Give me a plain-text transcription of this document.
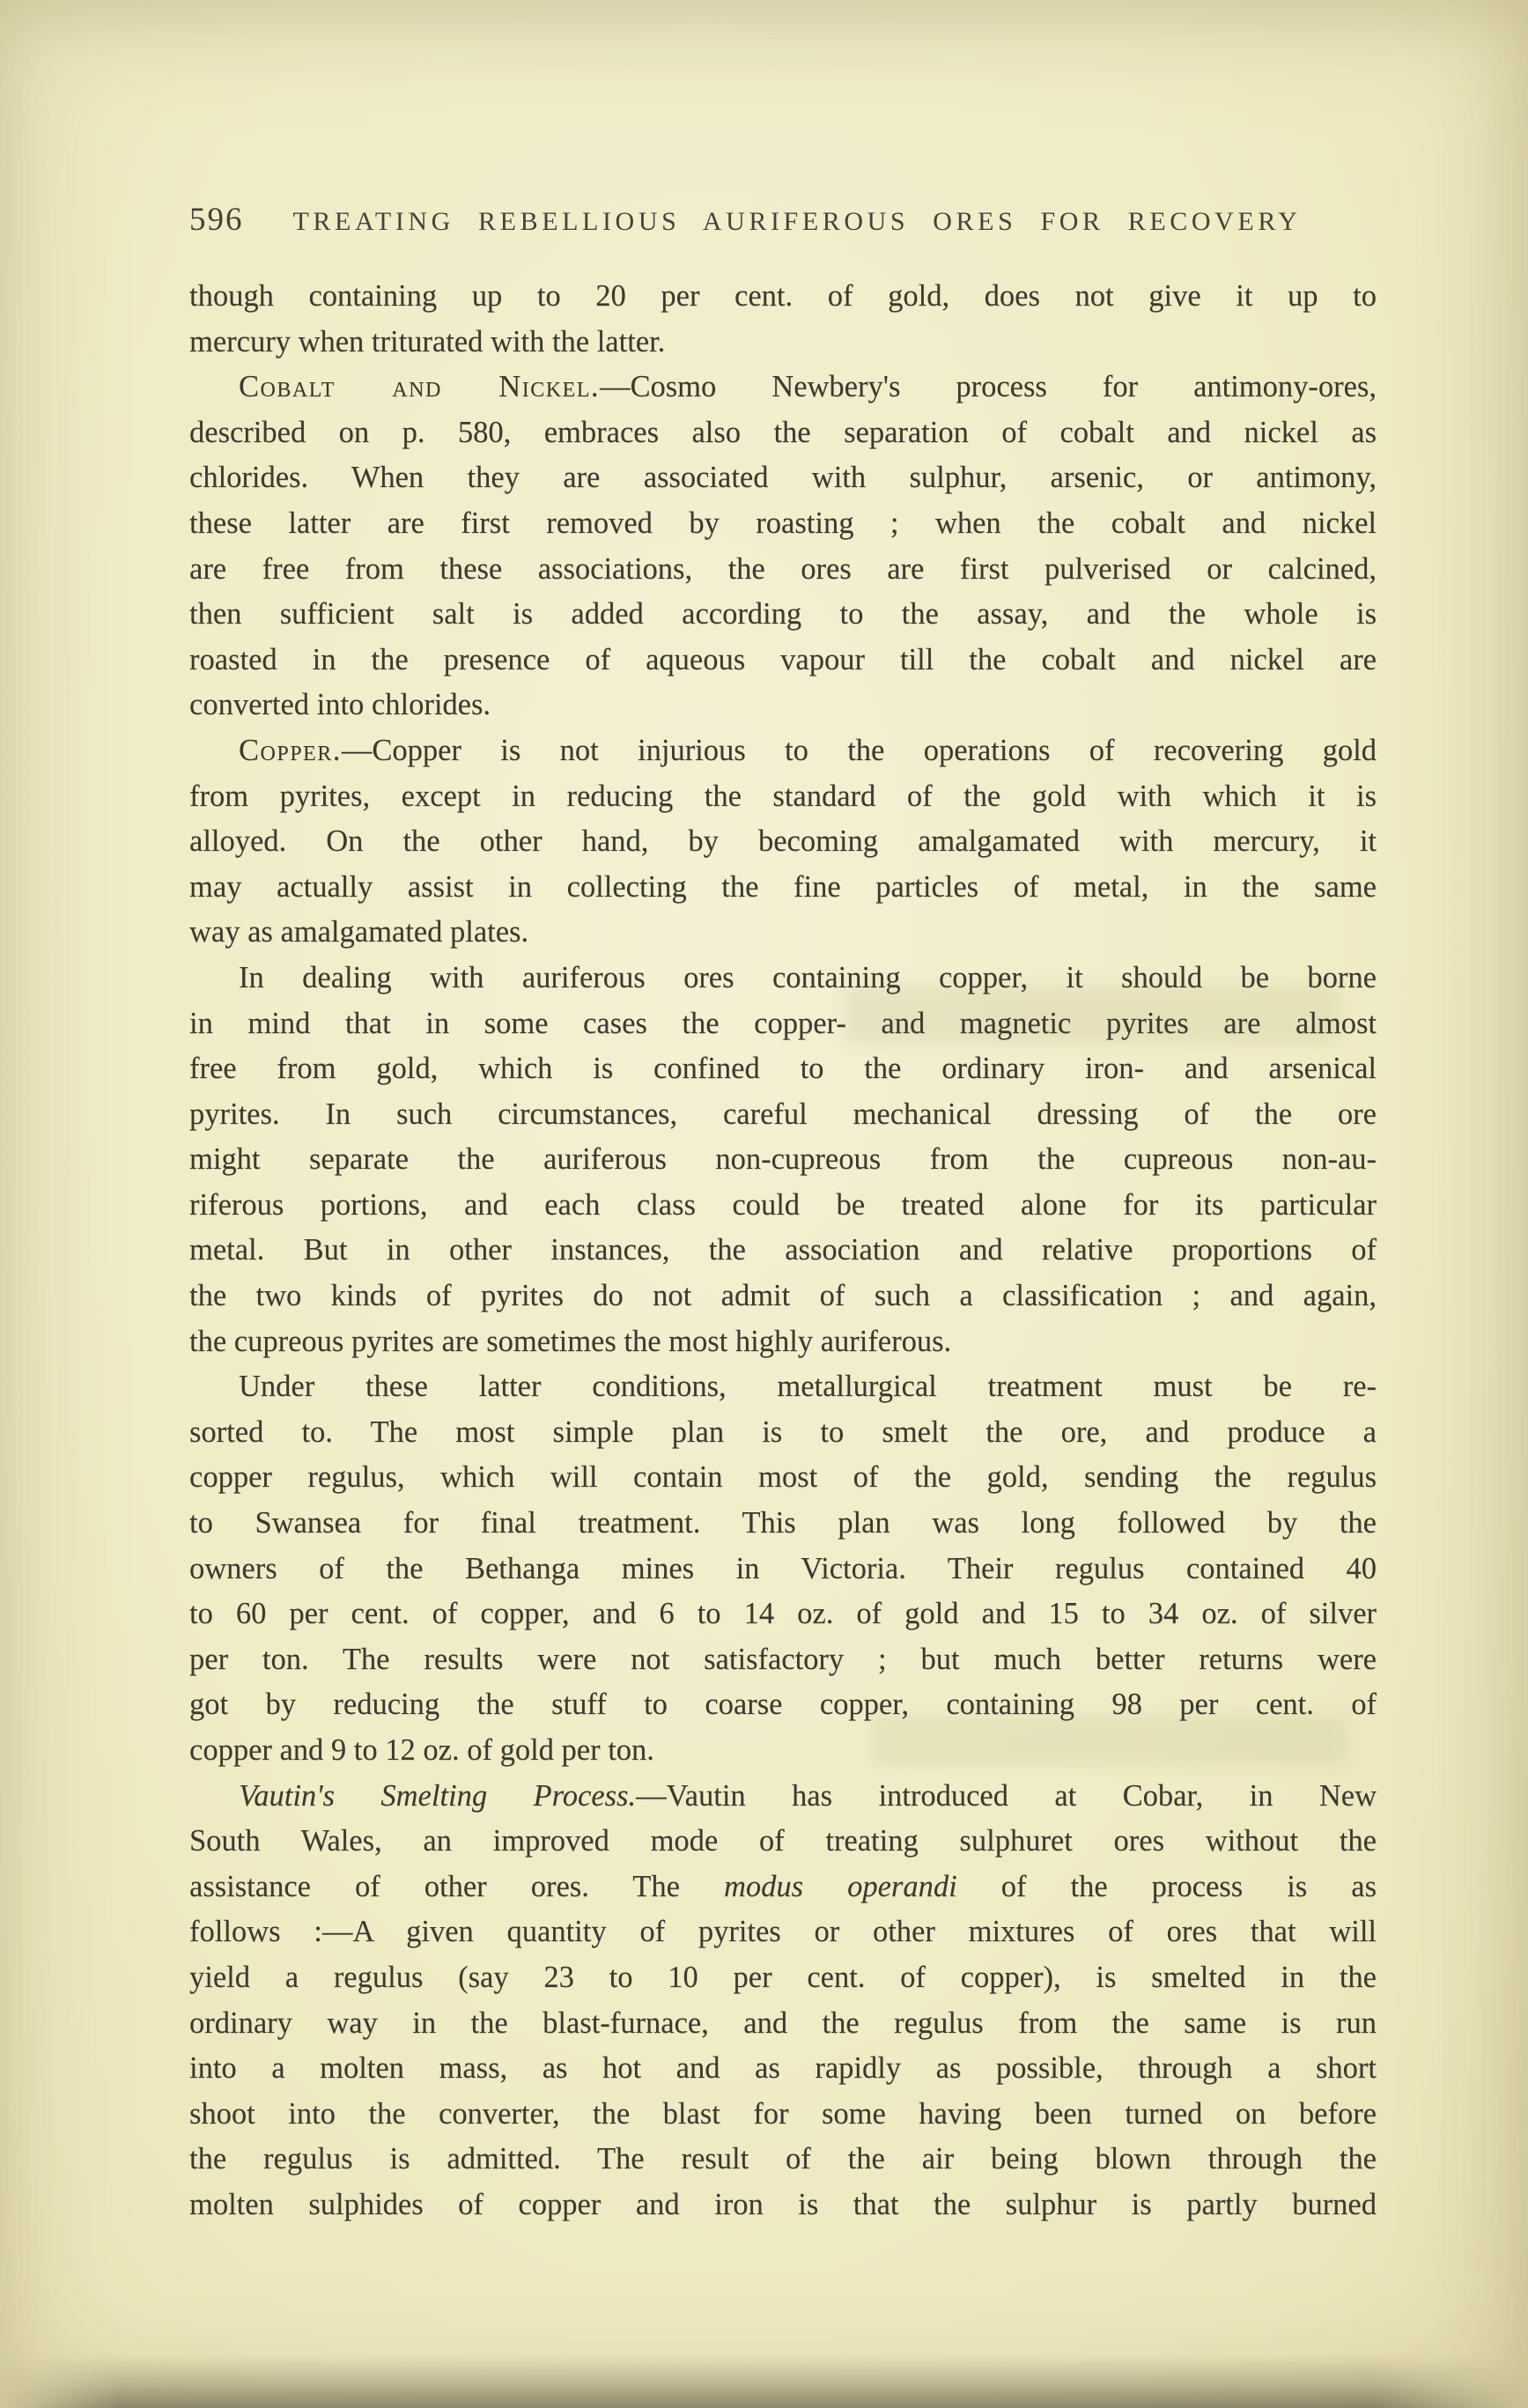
596 TREATING REBELLIOUS AURIFEROUS ORES FOR RECOVERY
though containing up to 20 per cent. of gold, does not give it up to
mercury when triturated with the latter.
Cobalt and Nickel.—Cosmo Newbery's process for antimony-ores,
described on p. 580, embraces also the separation of cobalt and nickel as
chlorides. When they are associated with sulphur, arsenic, or antimony,
these latter are first removed by roasting ; when the cobalt and nickel
are free from these associations, the ores are first pulverised or calcined,
then sufficient salt is added according to the assay, and the whole is
roasted in the presence of aqueous vapour till the cobalt and nickel are
converted into chlorides.
Copper.—Copper is not injurious to the operations of recovering gold
from pyrites, except in reducing the standard of the gold with which it is
alloyed. On the other hand, by becoming amalgamated with mercury, it
may actually assist in collecting the fine particles of metal, in the same
way as amalgamated plates.
In dealing with auriferous ores containing copper, it should be borne
in mind that in some cases the copper- and magnetic pyrites are almost
free from gold, which is confined to the ordinary iron- and arsenical
pyrites. In such circumstances, careful mechanical dressing of the ore
might separate the auriferous non-cupreous from the cupreous non-au-
riferous portions, and each class could be treated alone for its particular
metal. But in other instances, the association and relative proportions of
the two kinds of pyrites do not admit of such a classification ; and again,
the cupreous pyrites are sometimes the most highly auriferous.
Under these latter conditions, metallurgical treatment must be re-
sorted to. The most simple plan is to smelt the ore, and produce a
copper regulus, which will contain most of the gold, sending the regulus
to Swansea for final treatment. This plan was long followed by the
owners of the Bethanga mines in Victoria. Their regulus contained 40
to 60 per cent. of copper, and 6 to 14 oz. of gold and 15 to 34 oz. of silver
per ton. The results were not satisfactory ; but much better returns were
got by reducing the stuff to coarse copper, containing 98 per cent. of
copper and 9 to 12 oz. of gold per ton.
Vautin's Smelting Process.—Vautin has introduced at Cobar, in New
South Wales, an improved mode of treating sulphuret ores without the
assistance of other ores. The modus operandi of the process is as
follows :—A given quantity of pyrites or other mixtures of ores that will
yield a regulus (say 23 to 10 per cent. of copper), is smelted in the
ordinary way in the blast-furnace, and the regulus from the same is run
into a molten mass, as hot and as rapidly as possible, through a short
shoot into the converter, the blast for some having been turned on before
the regulus is admitted. The result of the air being blown through the
molten sulphides of copper and iron is that the sulphur is partly burned
